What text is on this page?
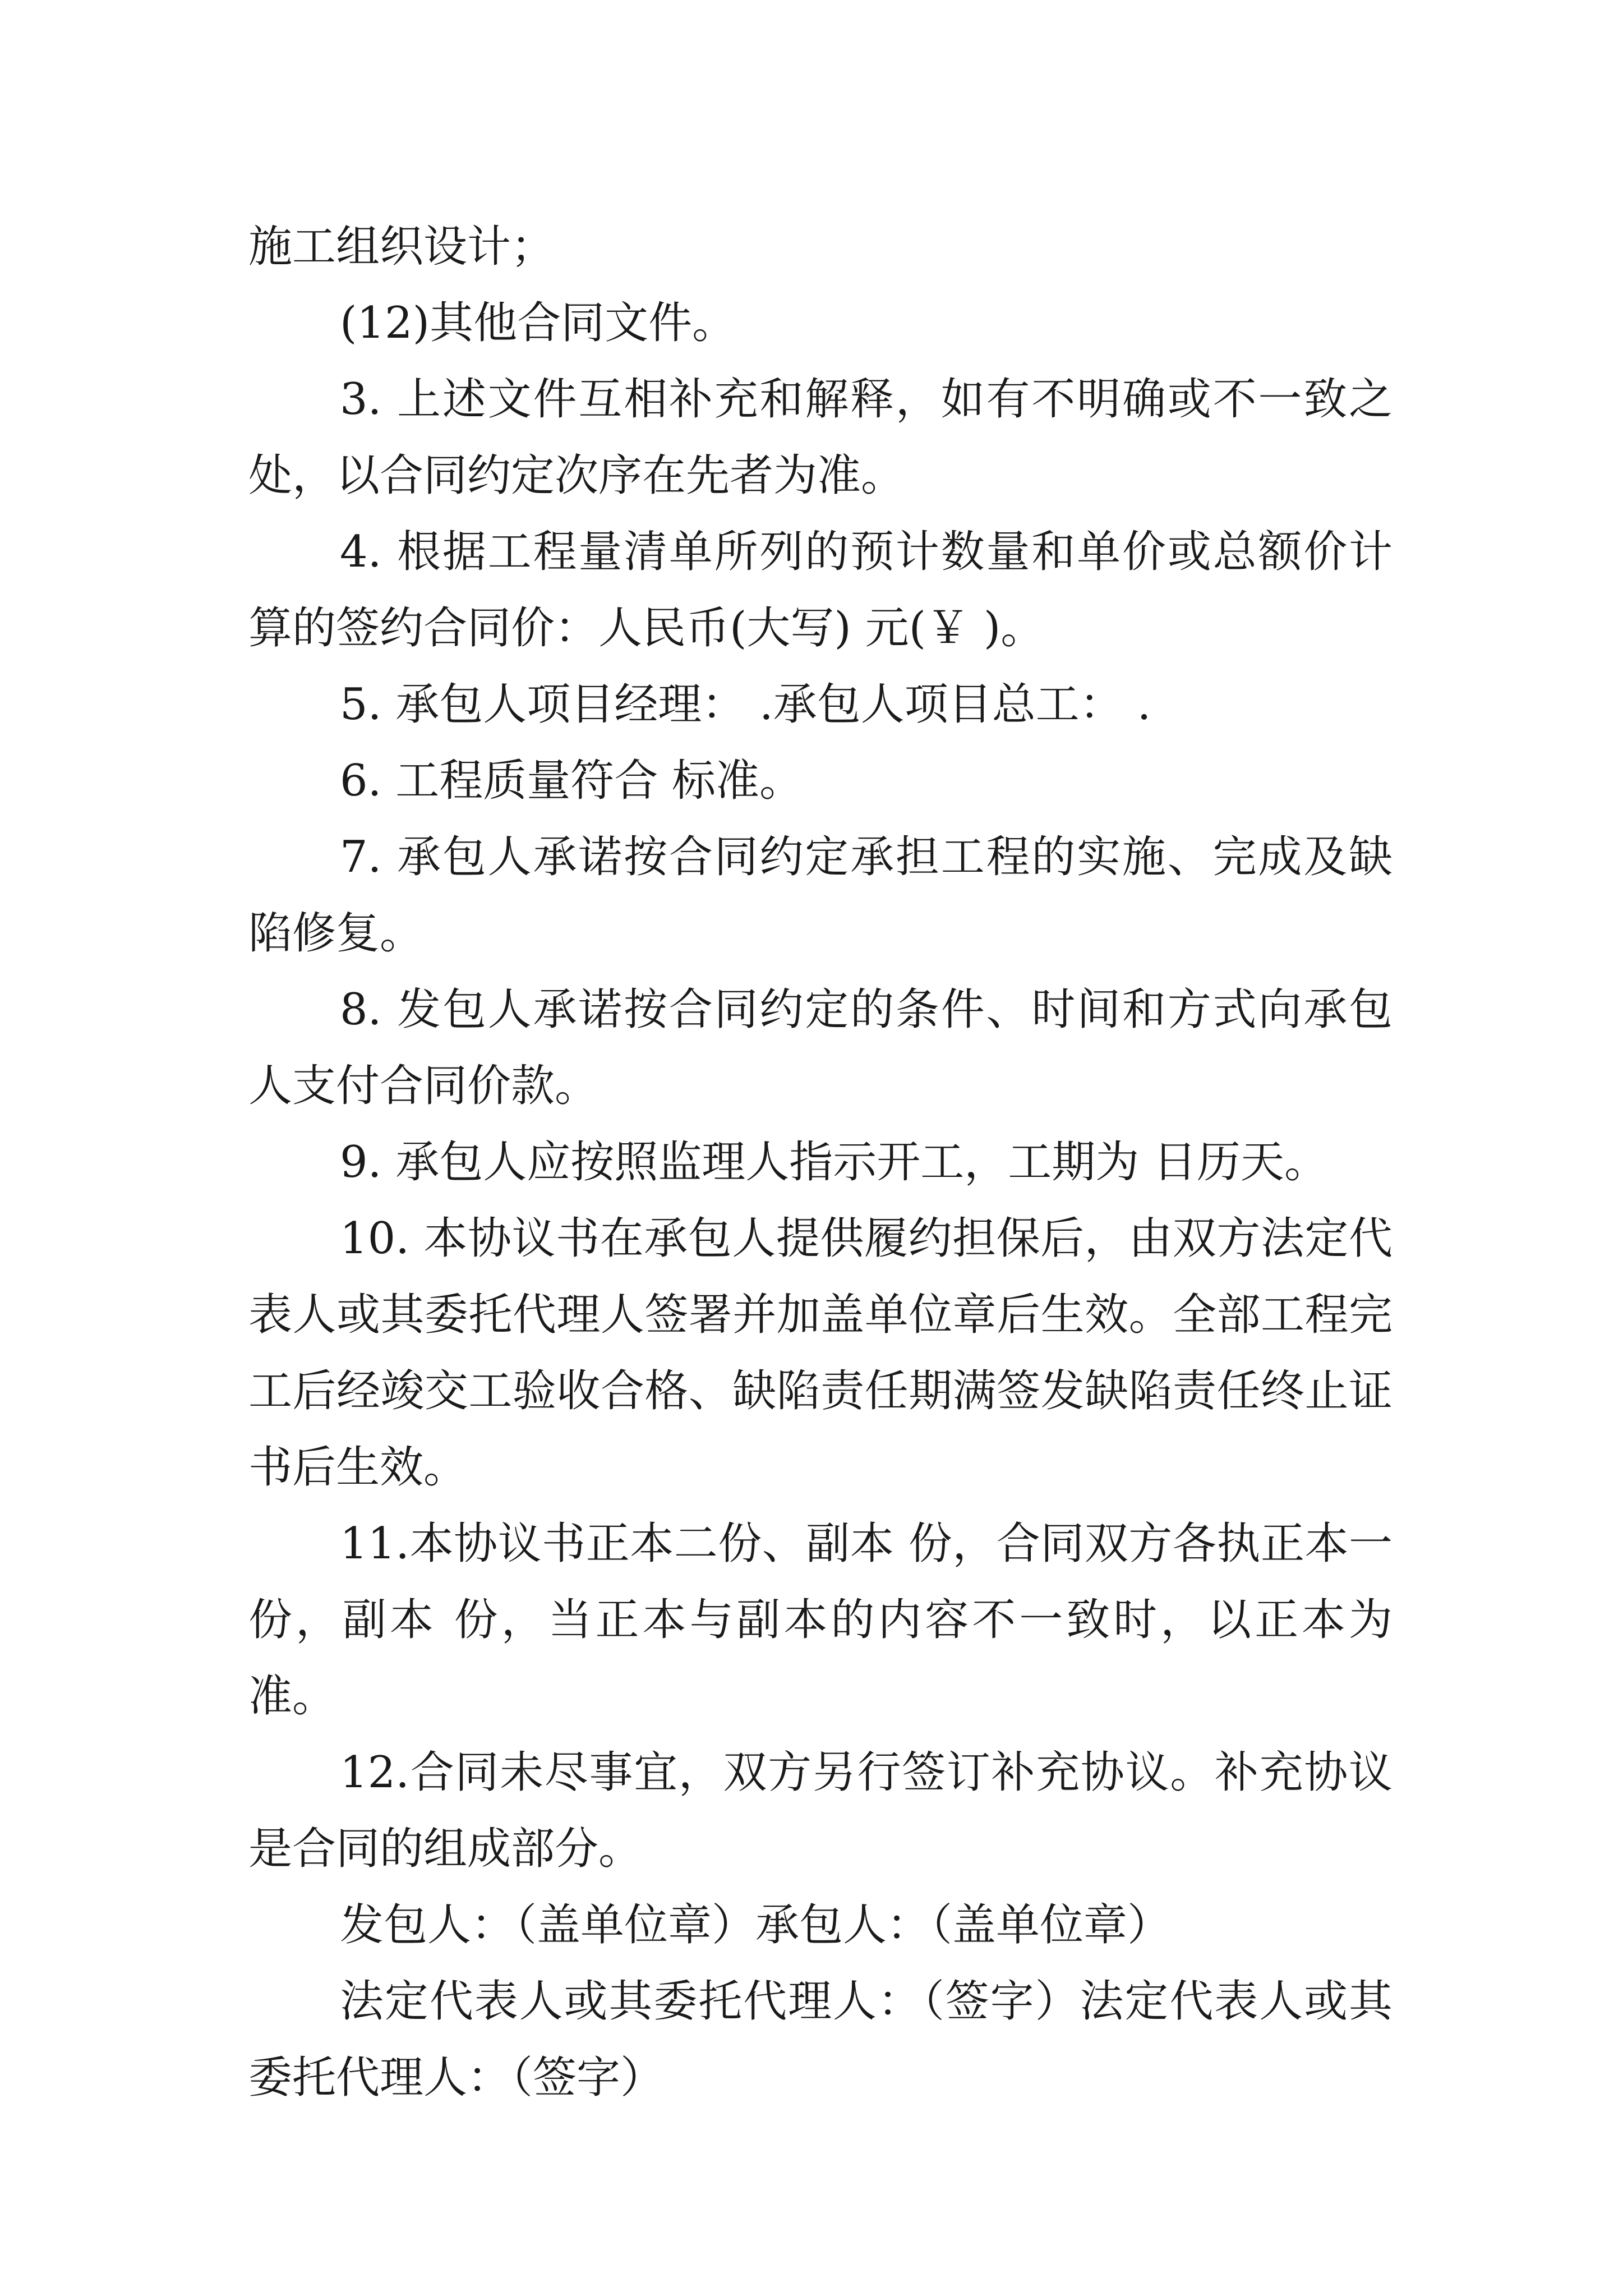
施工组织设计；

(12)其他合同文件。

3. 上述文件互相补充和解释，如有不明确或不一致之处，以合同约定次序在先者为准。

4. 根据工程量清单所列的预计数量和单价或总额价计算的签约合同价：人民币(大写) 元(￥ )。

5. 承包人项目经理： .承包人项目总工： .

6. 工程质量符合 标准。

7. 承包人承诺按合同约定承担工程的实施、完成及缺陷修复。

8. 发包人承诺按合同约定的条件、时间和方式向承包人支付合同价款。

9. 承包人应按照监理人指示开工，工期为 日历天。

10. 本协议书在承包人提供履约担保后，由双方法定代表人或其委托代理人签署并加盖单位章后生效。全部工程完工后经竣交工验收合格、缺陷责任期满签发缺陷责任终止证书后生效。

11.本协议书正本二份、副本 份，合同双方各执正本一份，副本 份，当正本与副本的内容不一致时，以正本为准。

12.合同未尽事宜，双方另行签订补充协议。补充协议是合同的组成部分。

发包人：（盖单位章）承包人：（盖单位章）

法定代表人或其委托代理人：（签字）法定代表人或其委托代理人：（签字）
